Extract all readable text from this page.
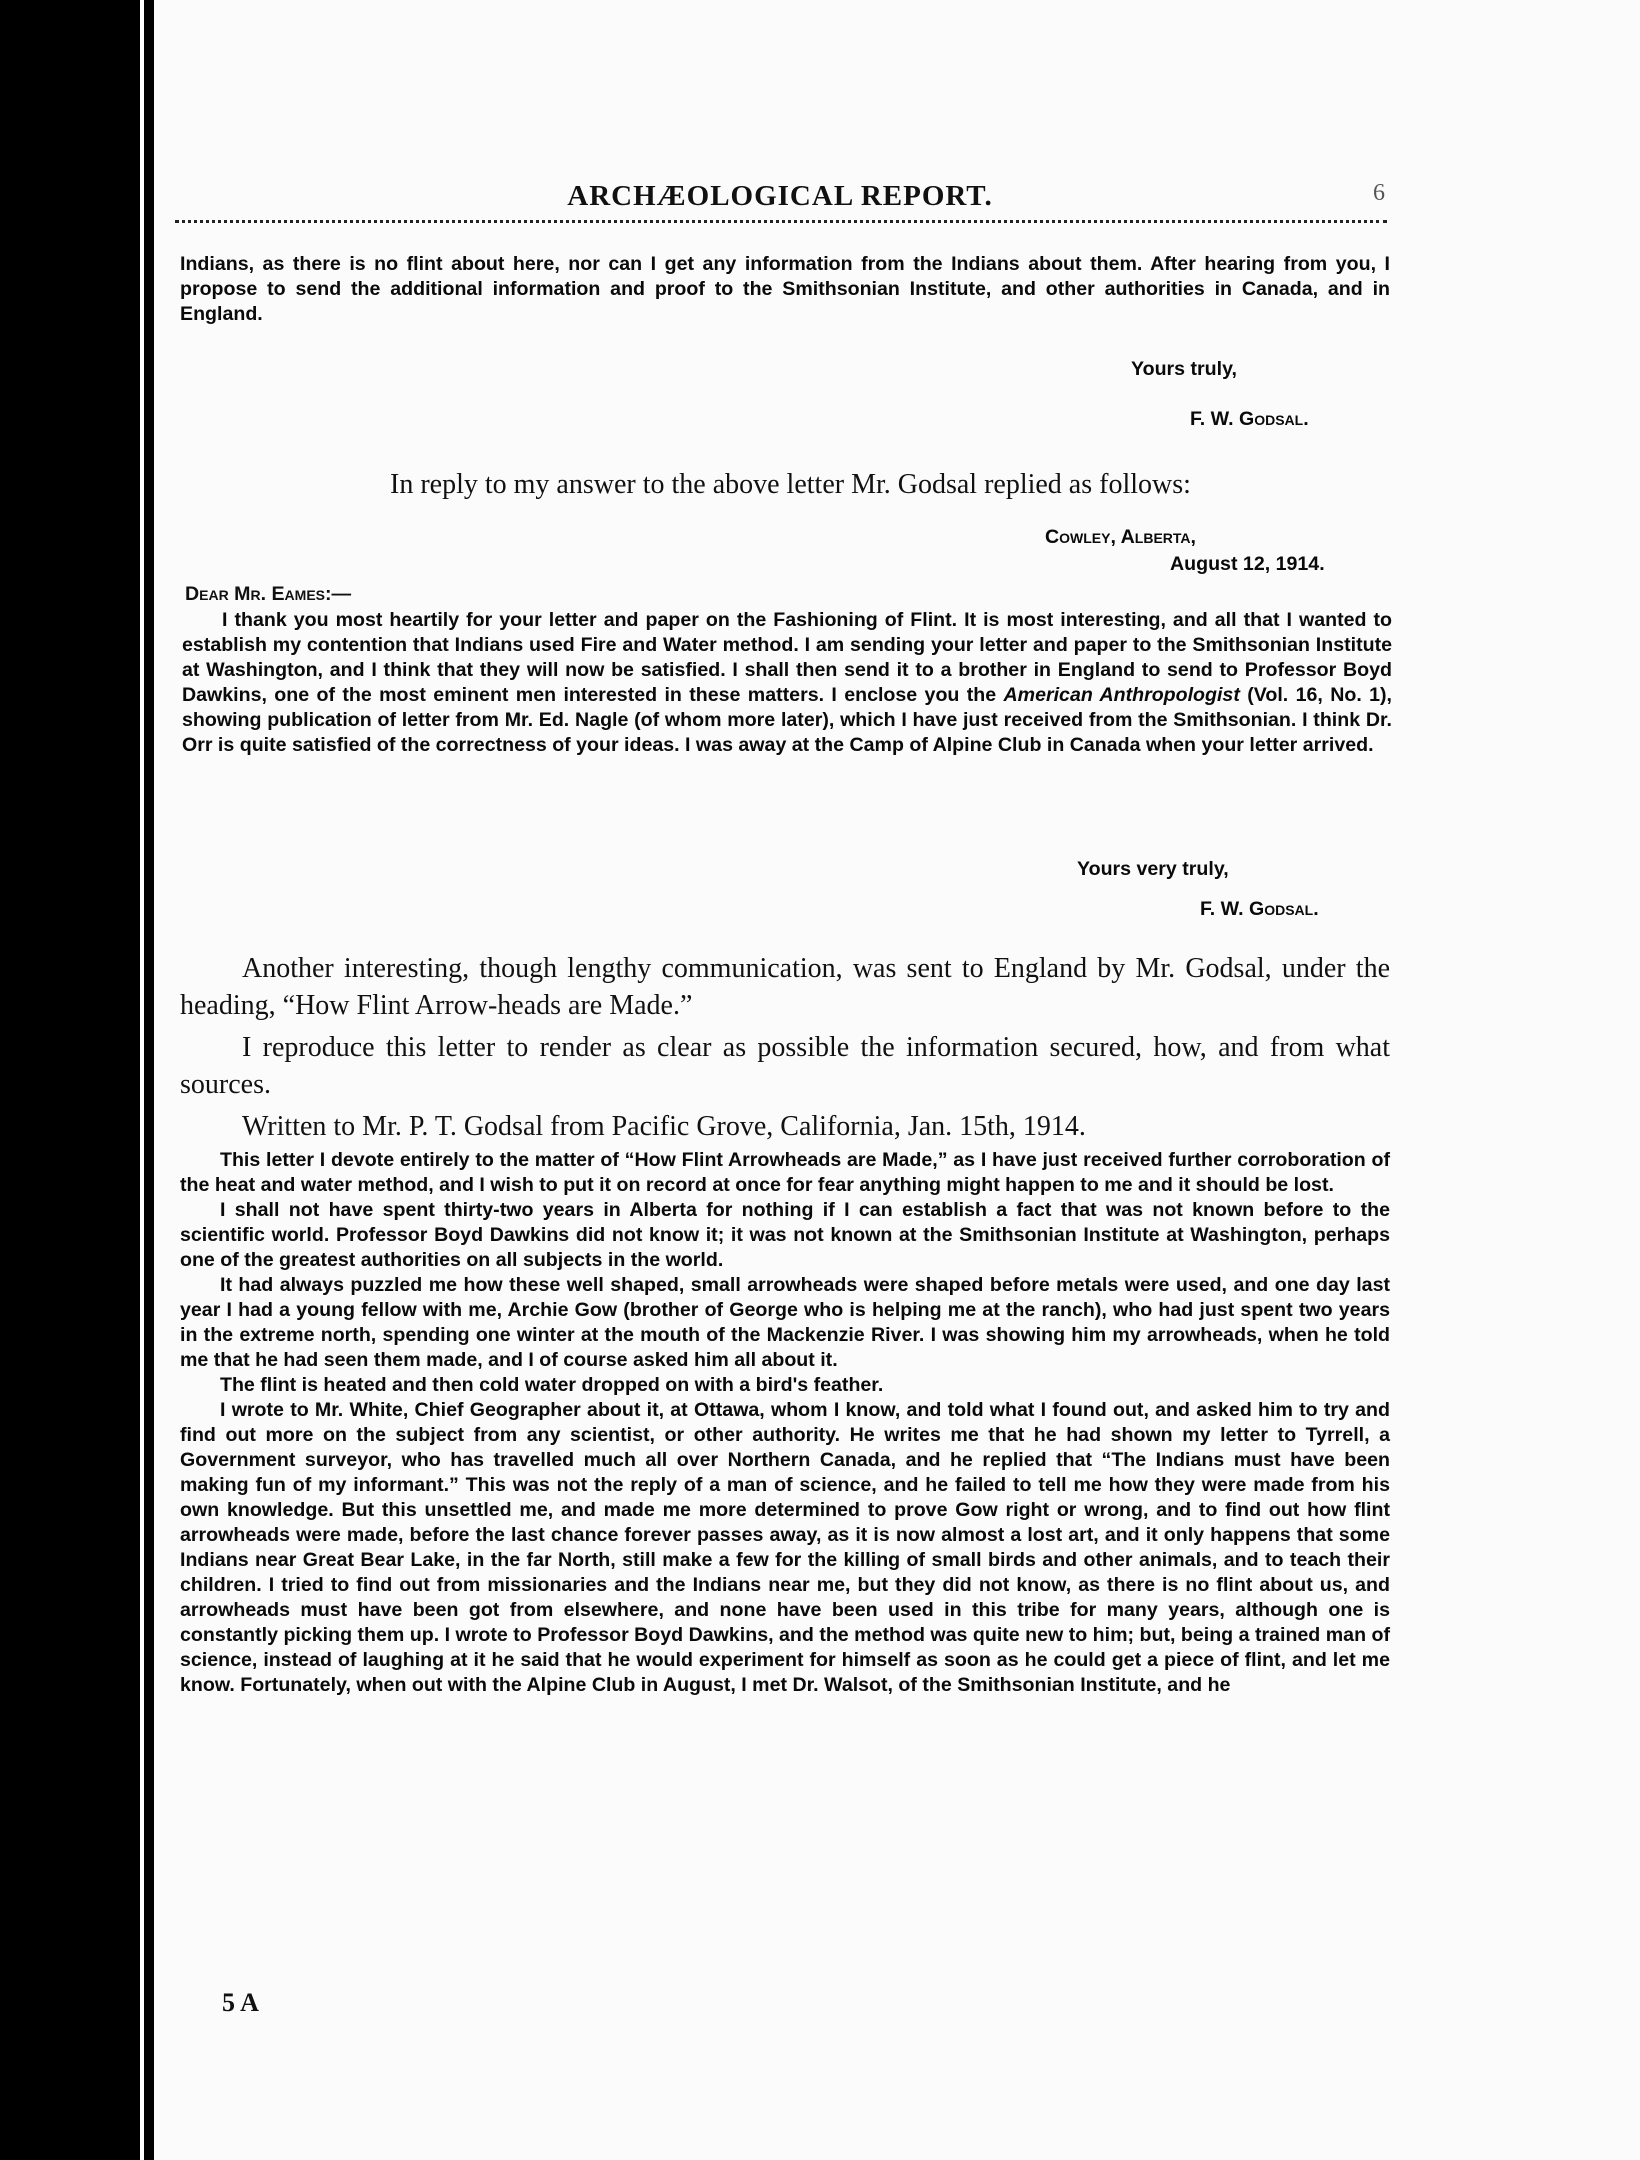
ARCHÆOLOGICAL REPORT.	6

Indians, as there is no flint about here, nor can I get any information from the Indians about them. After hearing from you, I propose to send the additional information and proof to the Smithsonian Institute, and other authorities in Canada, and in England.

Yours truly,
F. W. Godsal.

In reply to my answer to the above letter Mr. Godsal replied as follows:

Cowley, Alberta,
August 12, 1914.
Dear Mr. Eames:—

I thank you most heartily for your letter and paper on the Fashioning of Flint. It is most interesting, and all that I wanted to establish my contention that Indians used Fire and Water method. I am sending your letter and paper to the Smithsonian Institute at Washington, and I think that they will now be satisfied. I shall then send it to a brother in England to send to Professor Boyd Dawkins, one of the most eminent men interested in these matters. I enclose you the American Anthropologist (Vol. 16, No. 1), showing publication of letter from Mr. Ed. Nagle (of whom more later), which I have just received from the Smithsonian. I think Dr. Orr is quite satisfied of the correctness of your ideas. I was away at the Camp of Alpine Club in Canada when your letter arrived.

Yours very truly,
F. W. Godsal.

Another interesting, though lengthy communication, was sent to England by Mr. Godsal, under the heading, “How Flint Arrow-heads are Made.”

I reproduce this letter to render as clear as possible the information secured, how, and from what sources.

Written to Mr. P. T. Godsal from Pacific Grove, California, Jan. 15th, 1914.

This letter I devote entirely to the matter of “How Flint Arrowheads are Made,” as I have just received further corroboration of the heat and water method, and I wish to put it on record at once for fear anything might happen to me and it should be lost.

I shall not have spent thirty-two years in Alberta for nothing if I can establish a fact that was not known before to the scientific world. Professor Boyd Dawkins did not know it; it was not known at the Smithsonian Institute at Washington, perhaps one of the greatest authorities on all subjects in the world.

It had always puzzled me how these well shaped, small arrowheads were shaped before metals were used, and one day last year I had a young fellow with me, Archie Gow (brother of George who is helping me at the ranch), who had just spent two years in the extreme north, spending one winter at the mouth of the Mackenzie River. I was showing him my arrowheads, when he told me that he had seen them made, and I of course asked him all about it.

The flint is heated and then cold water dropped on with a bird's feather.

I wrote to Mr. White, Chief Geographer about it, at Ottawa, whom I know, and told what I found out, and asked him to try and find out more on the subject from any scientist, or other authority. He writes me that he had shown my letter to Tyrrell, a Government surveyor, who has travelled much all over Northern Canada, and he replied that “The Indians must have been making fun of my informant.” This was not the reply of a man of science, and he failed to tell me how they were made from his own knowledge. But this unsettled me, and made me more determined to prove Gow right or wrong, and to find out how flint arrowheads were made, before the last chance forever passes away, as it is now almost a lost art, and it only happens that some Indians near Great Bear Lake, in the far North, still make a few for the killing of small birds and other animals, and to teach their children. I tried to find out from missionaries and the Indians near me, but they did not know, as there is no flint about us, and arrowheads must have been got from elsewhere, and none have been used in this tribe for many years, although one is constantly picking them up. I wrote to Professor Boyd Dawkins, and the method was quite new to him; but, being a trained man of science, instead of laughing at it he said that he would experiment for himself as soon as he could get a piece of flint, and let me know. Fortunately, when out with the Alpine Club in August, I met Dr. Walsot, of the Smithsonian Institute, and he

5 A
